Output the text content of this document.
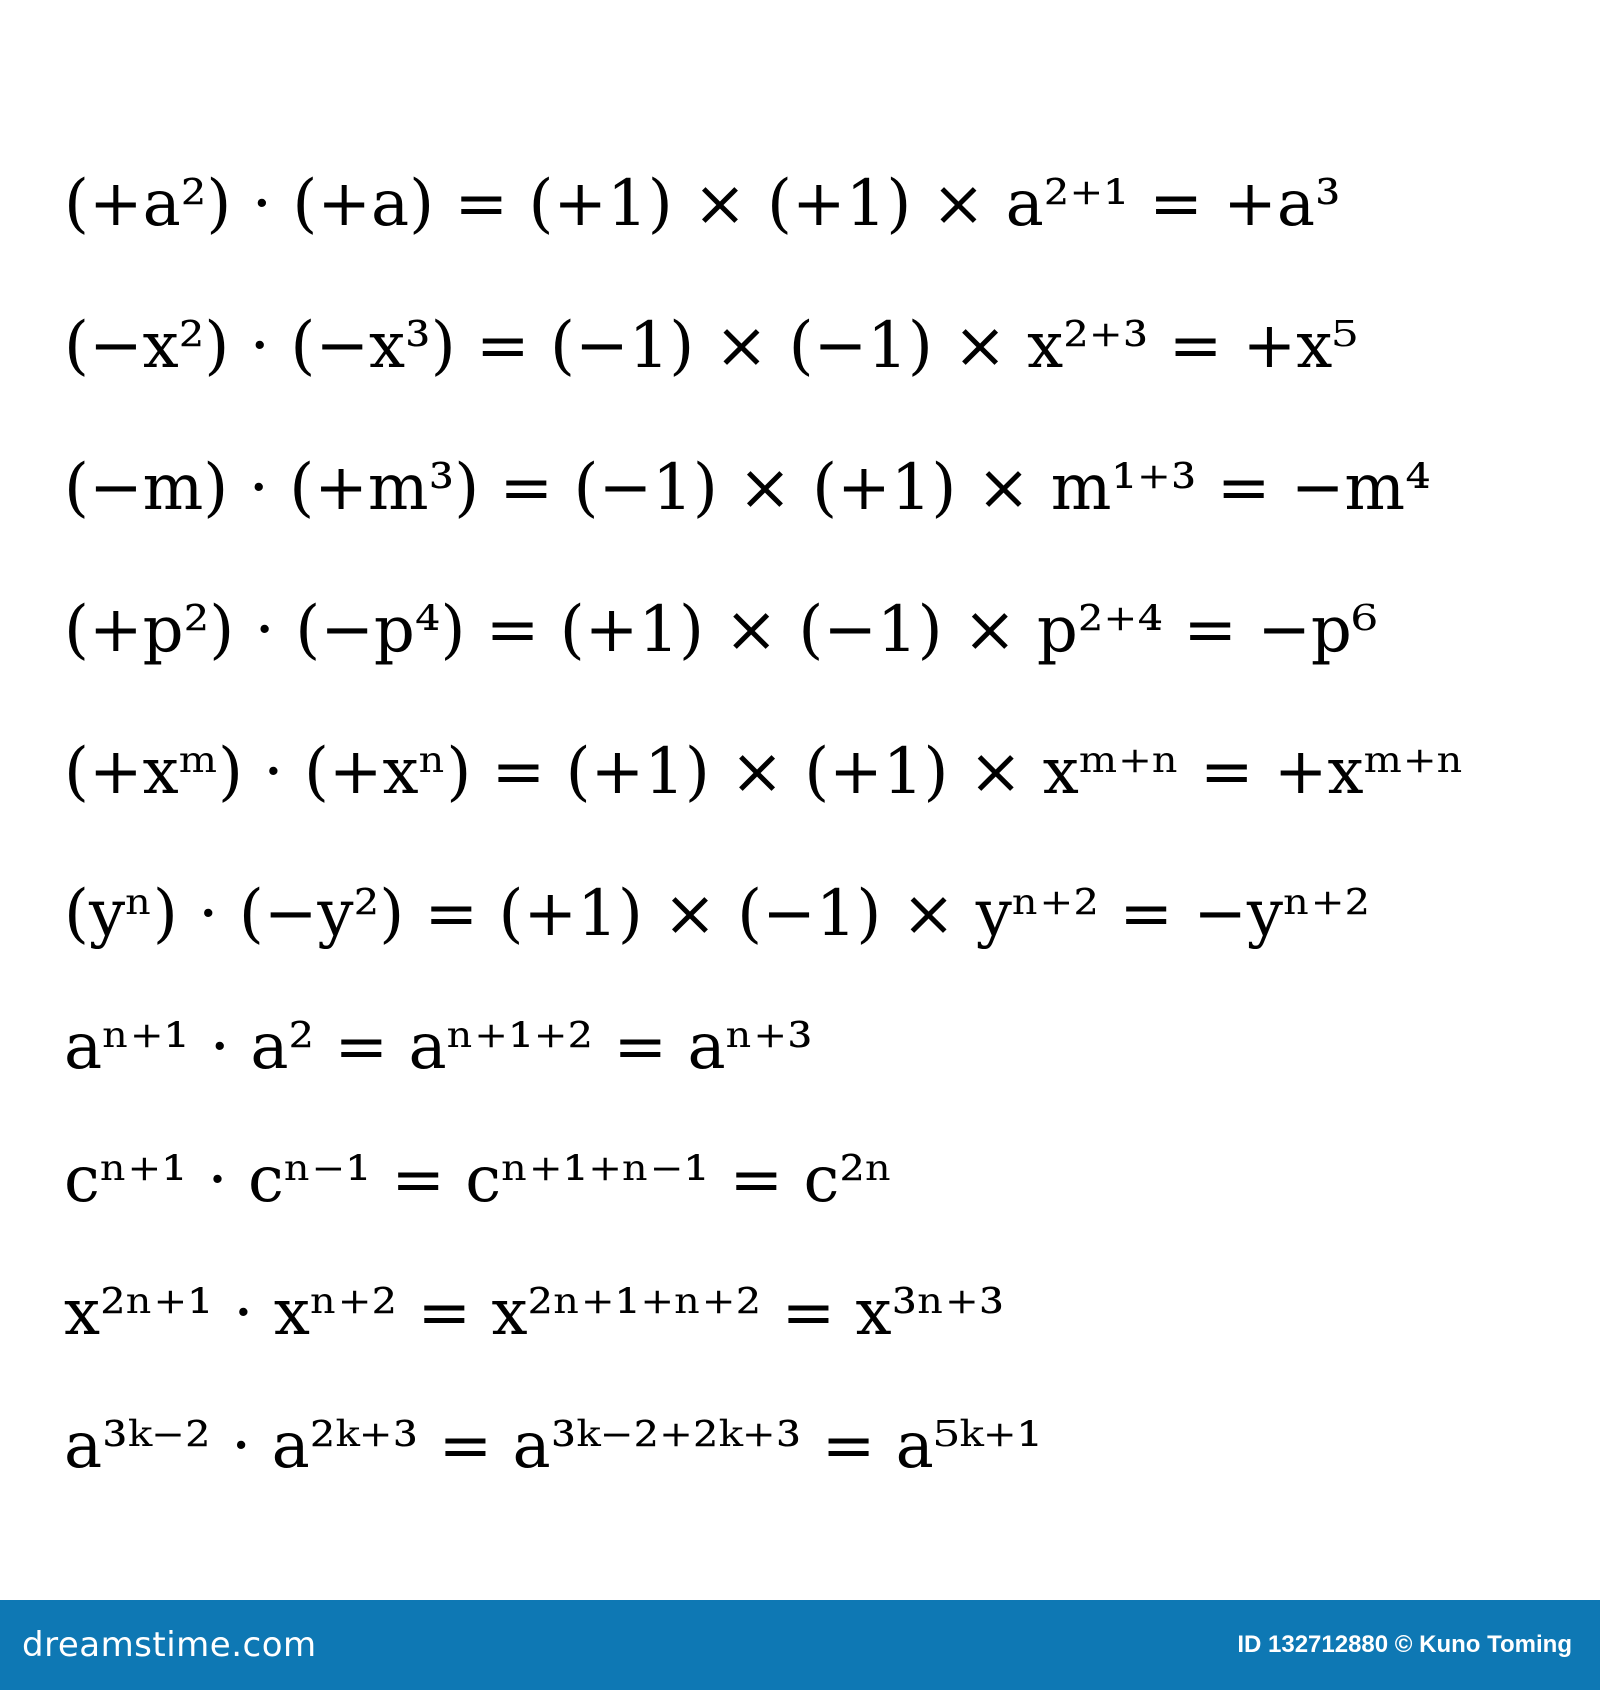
(+a²) · (+a) = (+1) × (+1) × a²⁺¹ = +a³
(−x²) · (−x³) = (−1) × (−1) × x²⁺³ = +x⁵
(−m) · (+m³) = (−1) × (+1) × m¹⁺³ = −m⁴
(+p²) · (−p⁴) = (+1) × (−1) × p²⁺⁴ = −p⁶
(+xᵐ) · (+xⁿ) = (+1) × (+1) × xᵐ⁺ⁿ = +xᵐ⁺ⁿ
(yⁿ) · (−y²) = (+1) × (−1) × yⁿ⁺² = −yⁿ⁺²
aⁿ⁺¹ · a² = aⁿ⁺¹⁺² = aⁿ⁺³
cⁿ⁺¹ · cⁿ⁻¹ = cⁿ⁺¹⁺ⁿ⁻¹ = c²ⁿ
x²ⁿ⁺¹ · xⁿ⁺² = x²ⁿ⁺¹⁺ⁿ⁺² = x³ⁿ⁺³
a³ᵏ⁻² · a²ᵏ⁺³ = a³ᵏ⁻²⁺²ᵏ⁺³ = a⁵ᵏ⁺¹
dreamstime.com	ID 132712880 © Kuno Toming
